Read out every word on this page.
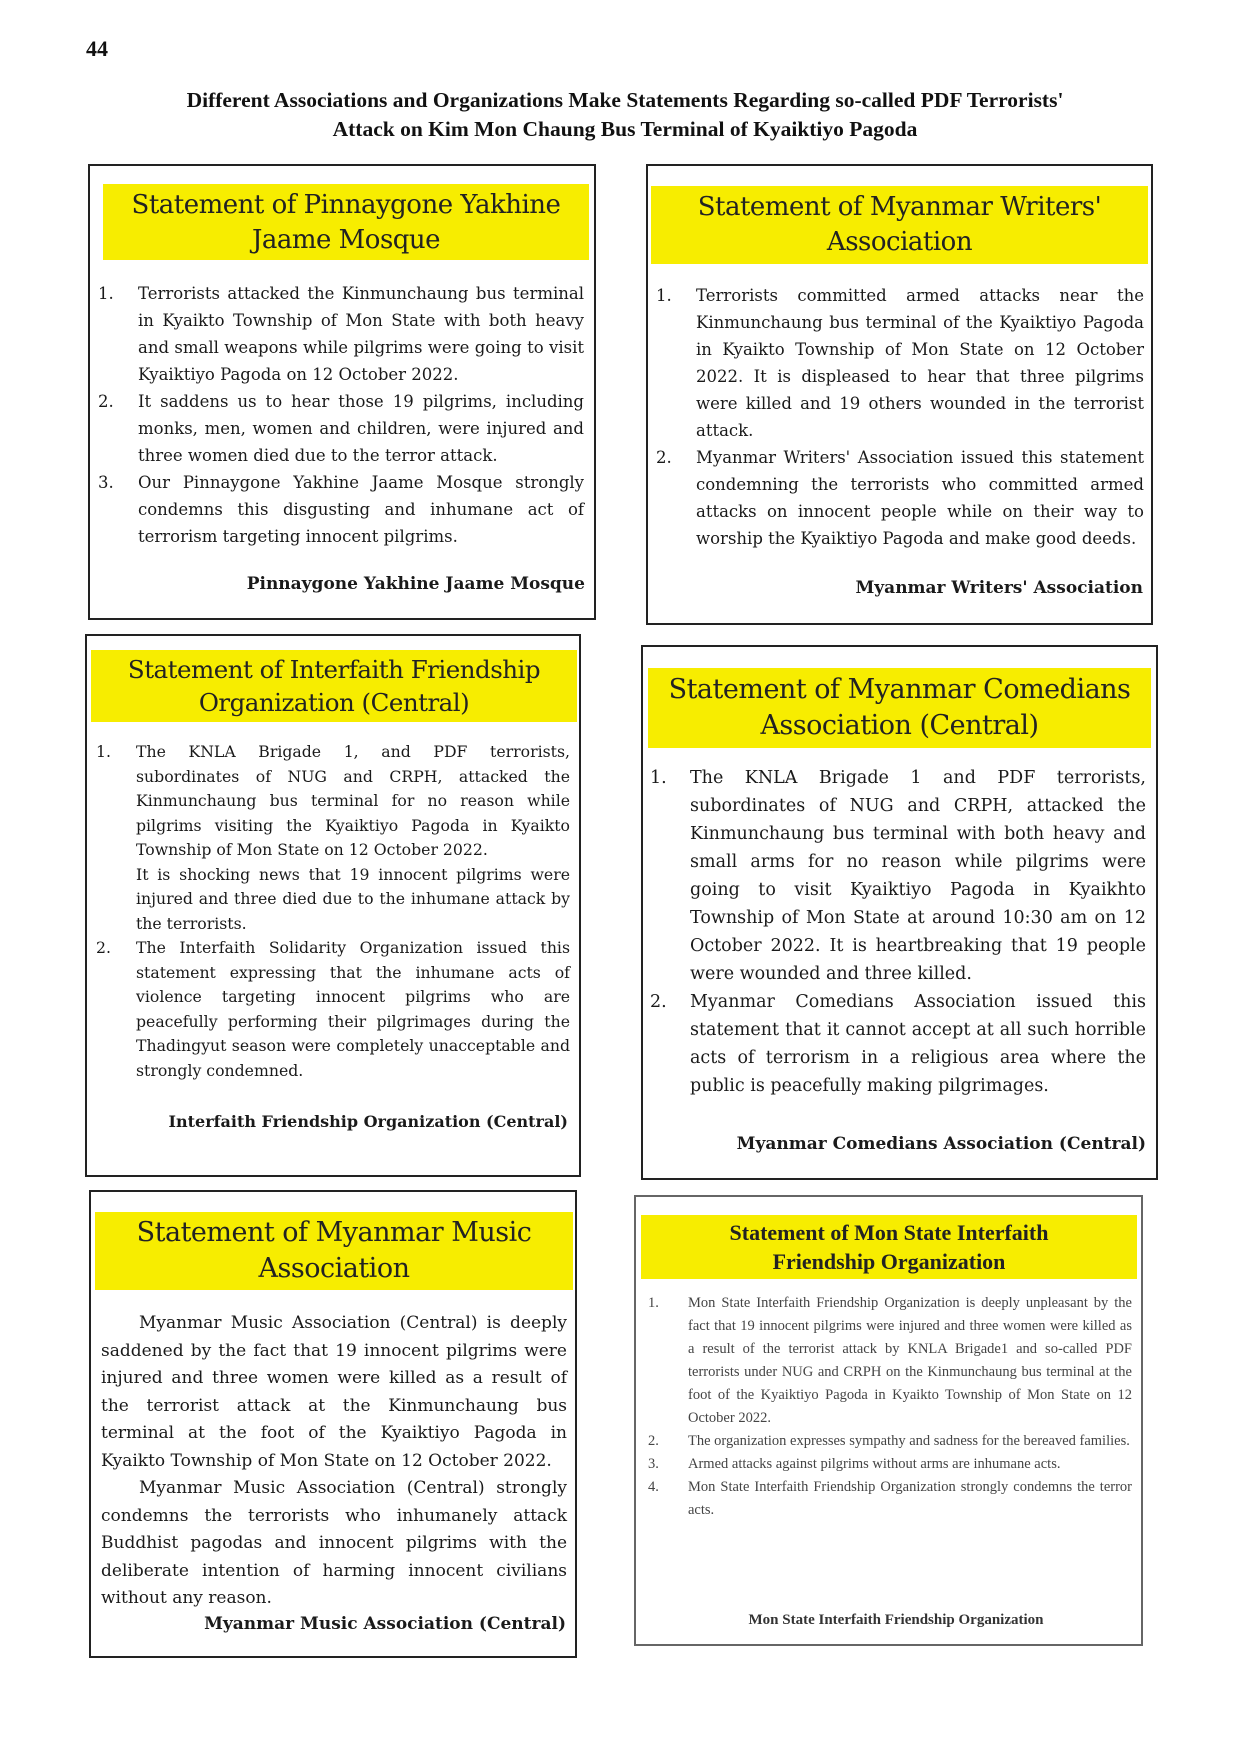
44
Different Associations and Organizations Make Statements Regarding so-called PDF Terrorists'
Attack on Kim Mon Chaung Bus Terminal of Kyaiktiyo Pagoda
Statement of Pinnaygone Yakhine
Jaame Mosque
1. Terrorists attacked the Kinmunchaung bus terminal in Kyaikto Township of Mon State with both heavy and small weapons while pilgrims were going to visit Kyaiktiyo Pagoda on 12 October 2022.
2. It saddens us to hear those 19 pilgrims, including monks, men, women and children, were injured and three women died due to the terror attack.
3. Our Pinnaygone Yakhine Jaame Mosque strongly condemns this disgusting and inhumane act of terrorism targeting innocent pilgrims.
Pinnaygone Yakhine Jaame Mosque
Statement of Myanmar Writers'
Association
1. Terrorists committed armed attacks near the Kinmunchaung bus terminal of the Kyaiktiyo Pagoda in Kyaikto Township of Mon State on 12 October 2022. It is displeased to hear that three pilgrims were killed and 19 others wounded in the terrorist attack.
2. Myanmar Writers' Association issued this statement condemning the terrorists who committed armed attacks on innocent people while on their way to worship the Kyaiktiyo Pagoda and make good deeds.
Myanmar Writers' Association
Statement of Interfaith Friendship
Organization (Central)
1. The KNLA Brigade 1, and PDF terrorists, subordinates of NUG and CRPH, attacked the Kinmunchaung bus terminal for no reason while pilgrims visiting the Kyaiktiyo Pagoda in Kyaikto Township of Mon State on 12 October 2022.
It is shocking news that 19 innocent pilgrims were injured and three died due to the inhumane attack by the terrorists.
2. The Interfaith Solidarity Organization issued this statement expressing that the inhumane acts of violence targeting innocent pilgrims who are peacefully performing their pilgrimages during the Thadingyut season were completely unacceptable and strongly condemned.
Interfaith Friendship Organization (Central)
Statement of Myanmar Comedians
Association (Central)
1. The KNLA Brigade 1 and PDF terrorists, subordinates of NUG and CRPH, attacked the Kinmunchaung bus terminal with both heavy and small arms for no reason while pilgrims were going to visit Kyaiktiyo Pagoda in Kyaikhto Township of Mon State at around 10:30 am on 12 October 2022. It is heartbreaking that 19 people were wounded and three killed.
2. Myanmar Comedians Association issued this statement that it cannot accept at all such horrible acts of terrorism in a religious area where the public is peacefully making pilgrimages.
Myanmar Comedians Association (Central)
Statement of Myanmar Music
Association

Myanmar Music Association (Central) is deeply saddened by the fact that 19 innocent pilgrims were injured and three women were killed as a result of the terrorist attack at the Kinmunchaung bus terminal at the foot of the Kyaiktiyo Pagoda in Kyaikto Township of Mon State on 12 October 2022.

Myanmar Music Association (Central) strongly condemns the terrorists who inhumanely attack Buddhist pagodas and innocent pilgrims with the deliberate intention of harming innocent civilians without any reason.

Myanmar Music Association (Central)
Statement of Mon State Interfaith
Friendship Organization
1. Mon State Interfaith Friendship Organization is deeply unpleasant by the fact that 19 innocent pilgrims were injured and three women were killed as a result of the terrorist attack by KNLA Brigade1 and so-called PDF terrorists under NUG and CRPH on the Kinmunchaung bus terminal at the foot of the Kyaiktiyo Pagoda in Kyaikto Township of Mon State on 12 October 2022.
2. The organization expresses sympathy and sadness for the bereaved families.
3. Armed attacks against pilgrims without arms are inhumane acts.
4. Mon State Interfaith Friendship Organization strongly condemns the terror acts.
Mon State Interfaith Friendship Organization
